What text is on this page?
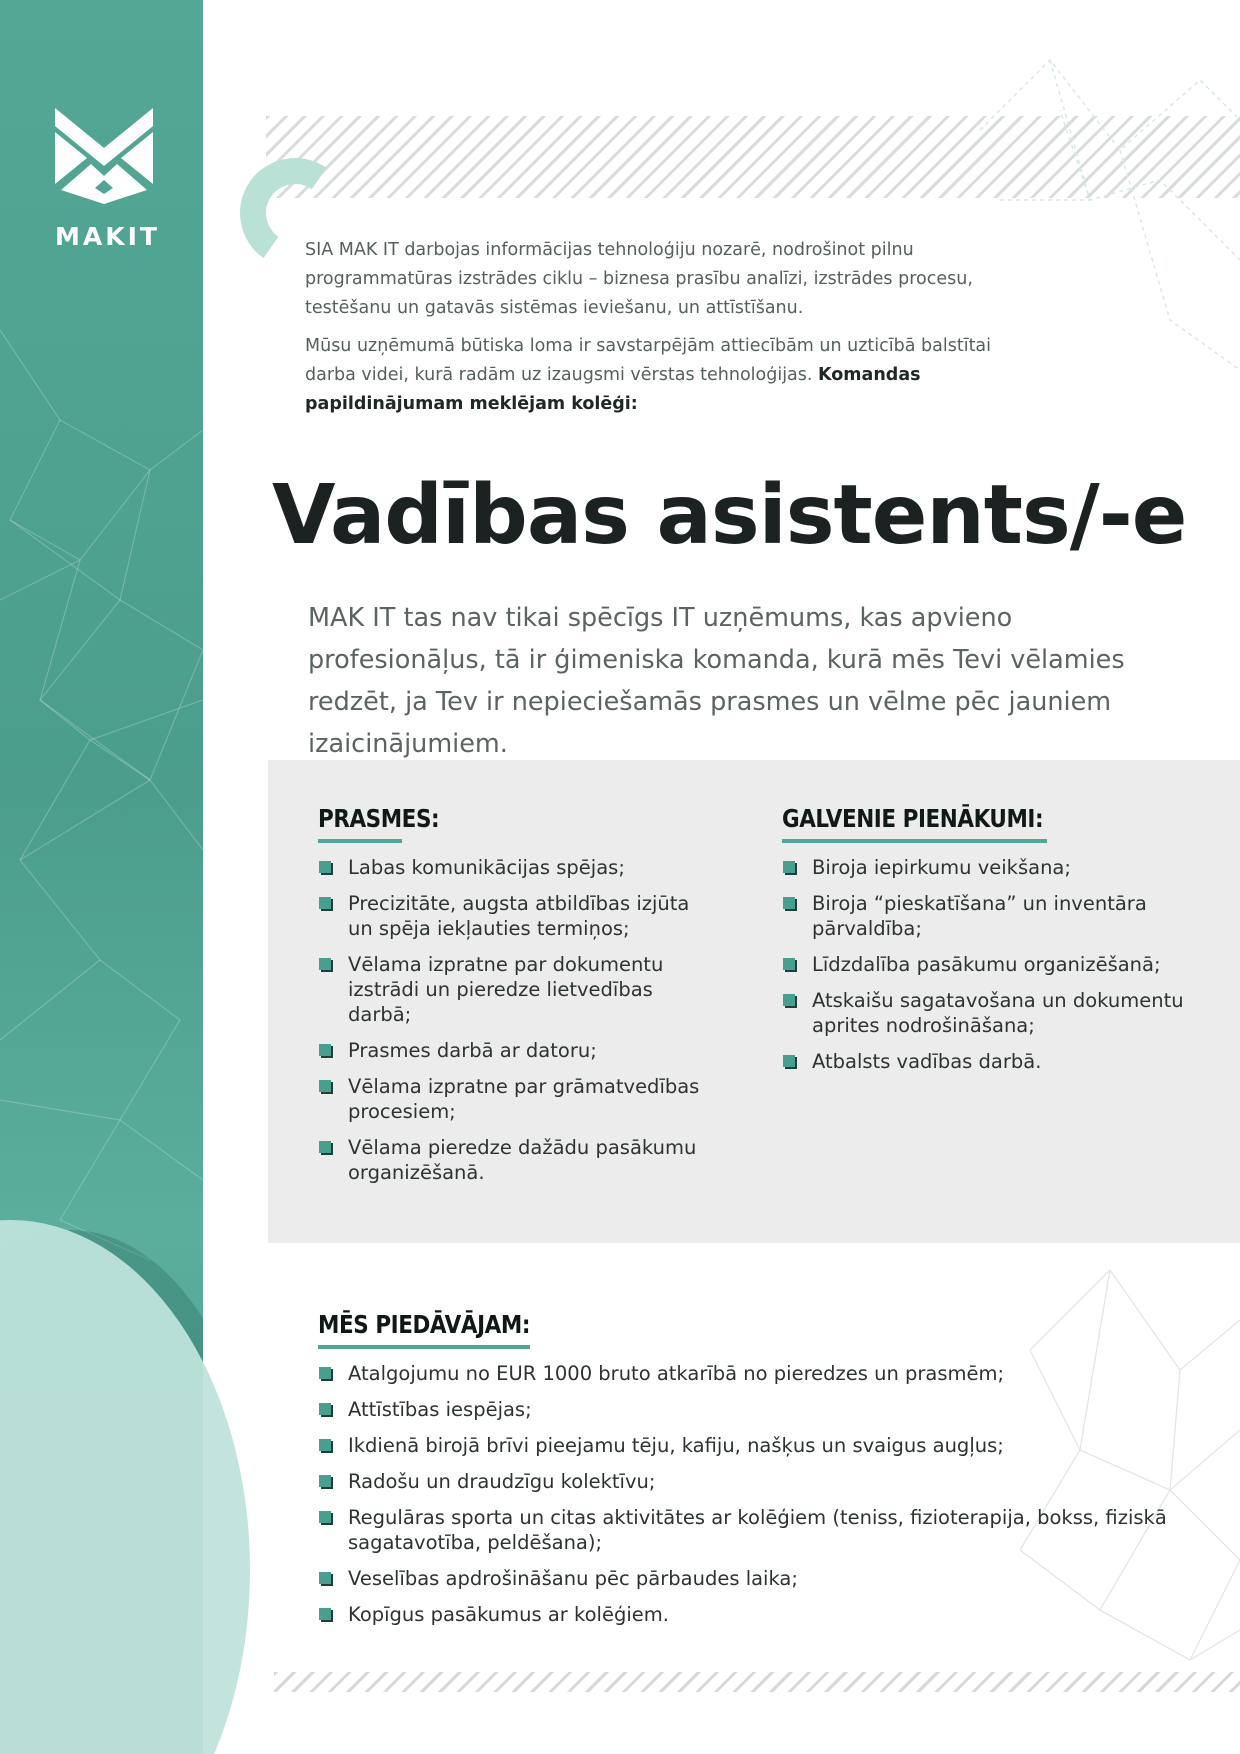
MAKIT	SIA MAK IT darbojas informācijas tehnoloģiju nozarē, nodrošinot pilnu programmatūras izstrādes ciklu – biznesa prasību analīzi, izstrādes procesu, testēšanu un gatavās sistēmas ieviešanu, un attīstīšanu.

Mūsu uzņēmumā būtiska loma ir savstarpējām attiecībām un uzticībā balstītai darba videi, kurā radām uz izaugsmi vērstas tehnoloģijas. Komandas papildinājumam meklējam kolēģi:

Vadības asistents/-e

MAK IT tas nav tikai spēcīgs IT uzņēmums, kas apvieno profesionāļus, tā ir ģimeniska komanda, kurā mēs Tevi vēlamies redzēt, ja Tev ir nepieciešamās prasmes un vēlme pēc jauniem izaicinājumiem.

PRASMES:
Labas komunikācijas spējas;
Precizitāte, augsta atbildības izjūta un spēja iekļauties termiņos;
Vēlama izpratne par dokumentu izstrādi un pieredze lietvedības darbā;
Prasmes darbā ar datoru;
Vēlama izpratne par grāmatvedības procesiem;
Vēlama pieredze dažādu pasākumu organizēšanā.
GALVENIE PIENĀKUMI:
Biroja iepirkumu veikšana;
Biroja “pieskatīšana” un inventāra pārvaldība;
Līdzdalība pasākumu organizēšanā;
Atskaišu sagatavošana un dokumentu aprites nodrošināšana;
Atbalsts vadības darbā.
MĒS PIEDĀVĀJAM:
Atalgojumu no EUR 1000 bruto atkarībā no pieredzes un prasmēm;
Attīstības iespējas;
Ikdienā birojā brīvi pieejamu tēju, kafiju, našķus un svaigus augļus;
Radošu un draudzīgu kolektīvu;
Regulāras sporta un citas aktivitātes ar kolēģiem (teniss, fizioterapija, bokss, fiziskā sagatavotība, peldēšana);
Veselības apdrošināšanu pēc pārbaudes laika;
Kopīgus pasākumus ar kolēģiem.
